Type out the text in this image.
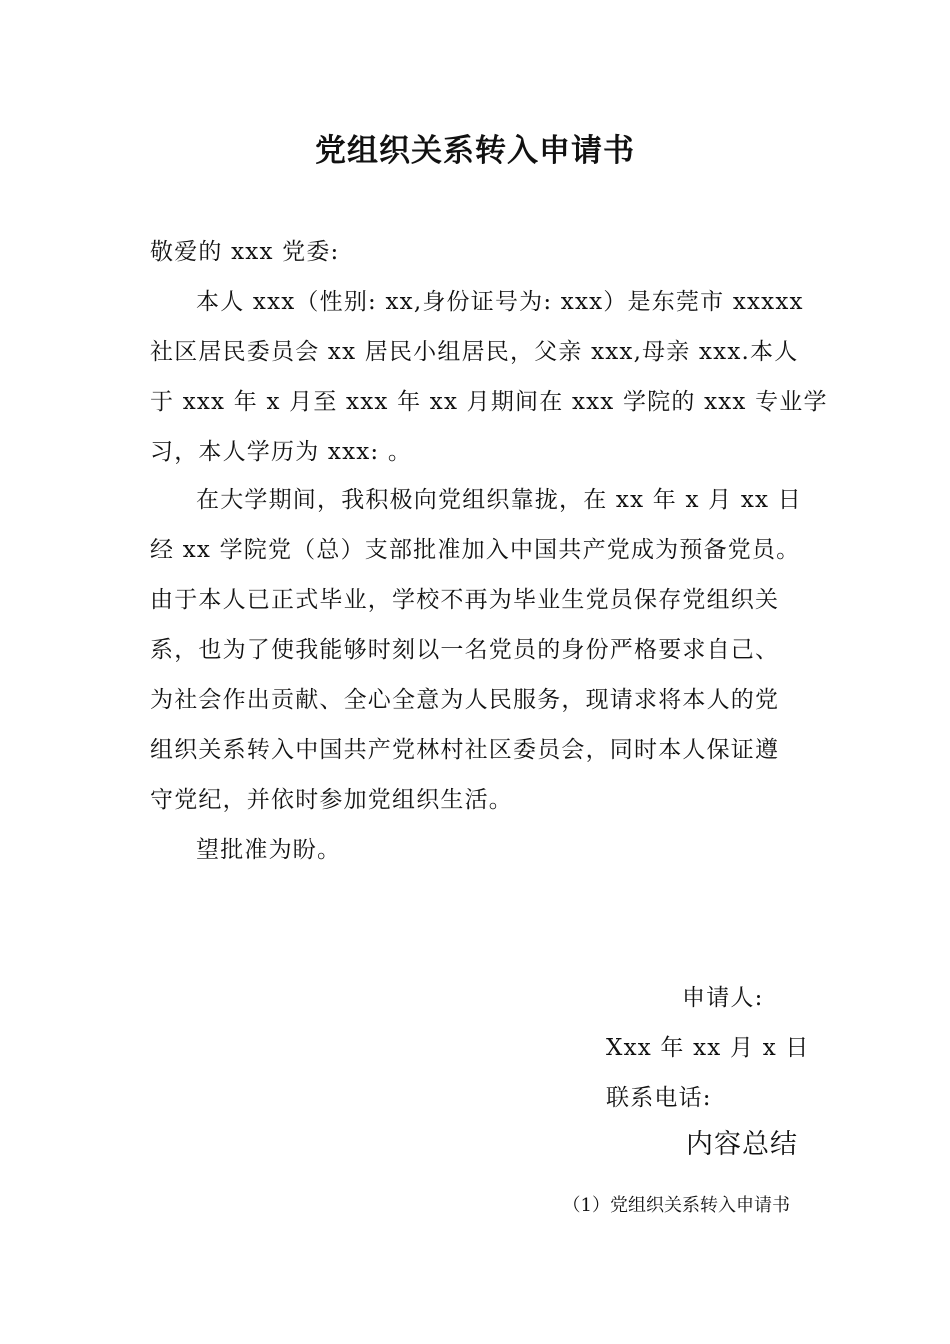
党组织关系转入申请书
敬爱的 xxx 党委:
本人 xxx（性别: xx,身份证号为: xxx）是东莞市 xxxxx
社区居民委员会 xx 居民小组居民，父亲 xxx,母亲 xxx.本人
于 xxx 年 x 月至 xxx 年 xx 月期间在 xxx 学院的 xxx 专业学
习，本人学历为 xxx: 。
在大学期间，我积极向党组织靠拢，在 xx 年 x 月 xx 日
经 xx 学院党（总）支部批准加入中国共产党成为预备党员。
由于本人已正式毕业，学校不再为毕业生党员保存党组织关
系，也为了使我能够时刻以一名党员的身份严格要求自己、
为社会作出贡献、全心全意为人民服务，现请求将本人的党
组织关系转入中国共产党林村社区委员会，同时本人保证遵
守党纪，并依时参加党组织生活。
望批准为盼。
申请人:
Xxx 年 xx 月 x 日
联系电话:
内容总结
（1）党组织关系转入申请书
